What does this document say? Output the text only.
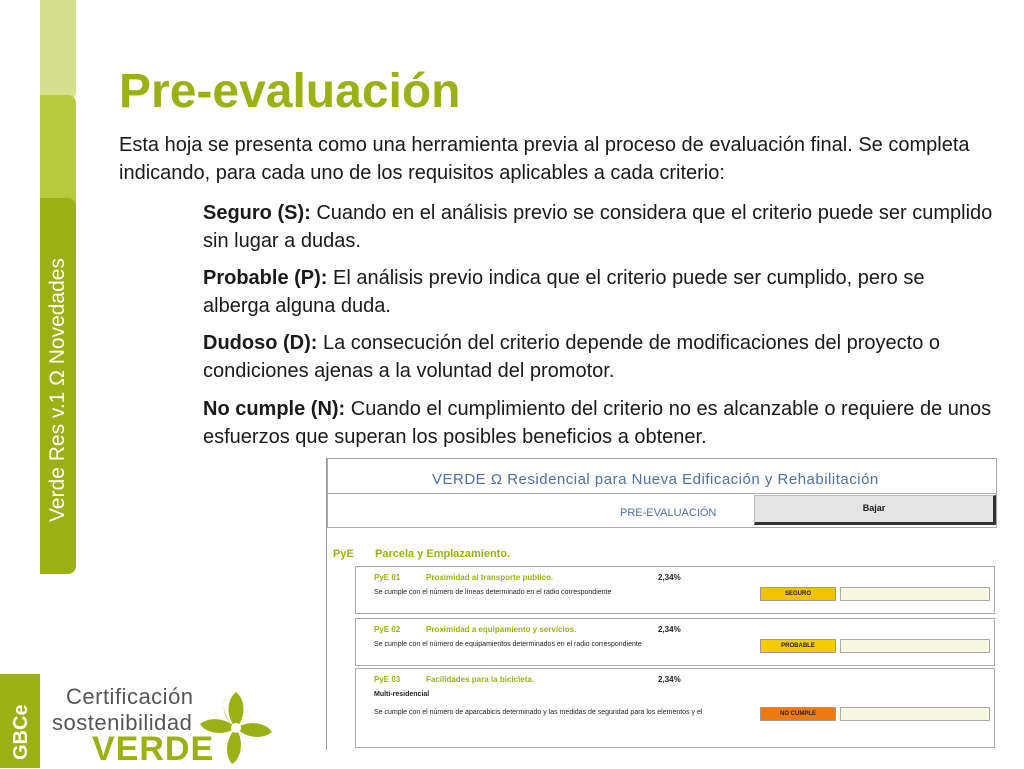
Verde Res v.1 Ω Novedades
GBCe
Certificación
sostenibilidad
VERDE
Pre-evaluación

Esta hoja se presenta como una herramienta previa al proceso de evaluación final. Se completa indicando, para cada uno de los requisitos aplicables a cada criterio:

Seguro (S): Cuando en el análisis previo se considera que el criterio puede ser cumplido sin lugar a dudas.

Probable (P): El análisis previo indica que el criterio puede ser cumplido, pero se alberga alguna duda.

Dudoso (D): La consecución del criterio depende de modificaciones del proyecto o condiciones ajenas a la voluntad del promotor.

No cumple (N): Cuando el cumplimiento del criterio no es alcanzable o requiere de unos esfuerzos que superan los posibles beneficios a obtener.

VERDE Ω Residencial para Nueva Edificación y Rehabilitación
PRE-EVALUACIÓN	Bajar
PyE Parcela y Emplazamiento.
PyE 01	Proximidad al transporte publico.	2,34%
Se cumple con el número de líneas determinado en el radio correspondiente	SEGURO
PyE 02	Proximidad a equipamiento y servicios.	2,34%
Se cumple con el número de equipamientos determinados en el radio correspondiente	PROBABLE
PyE 03	Facilidades para la bicicleta.	2,34%
Multi-residencial
Se cumple con el número de aparcabicis determinado y las medidas de seguridad para los elementos y el	NO CUMPLE
